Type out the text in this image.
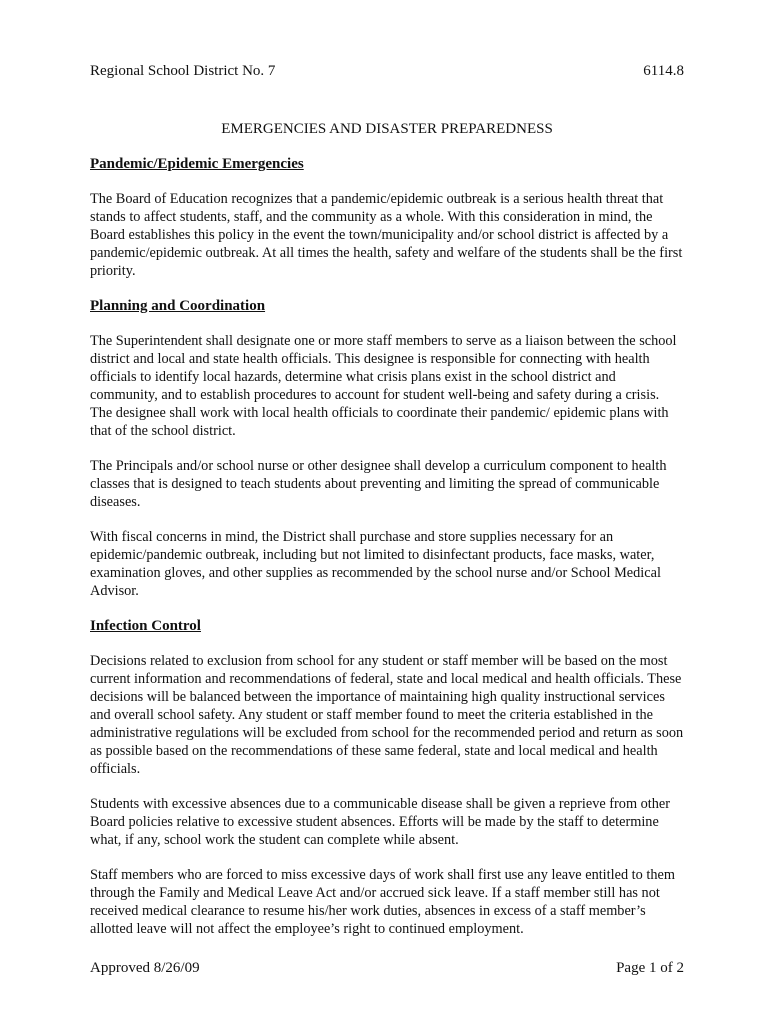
Regional School District No. 7	6114.8
EMERGENCIES AND DISASTER PREPAREDNESS
Pandemic/Epidemic Emergencies

The Board of Education recognizes that a pandemic/epidemic outbreak is a serious health threat that stands to affect students, staff, and the community as a whole. With this consideration in mind, the Board establishes this policy in the event the town/municipality and/or school district is affected by a pandemic/epidemic outbreak. At all times the health, safety and welfare of the students shall be the first priority.

Planning and Coordination

The Superintendent shall designate one or more staff members to serve as a liaison between the school district and local and state health officials. This designee is responsible for connecting with health officials to identify local hazards, determine what crisis plans exist in the school district and community, and to establish procedures to account for student well-being and safety during a crisis. The designee shall work with local health officials to coordinate their pandemic/ epidemic plans with that of the school district.

The Principals and/or school nurse or other designee shall develop a curriculum component to health classes that is designed to teach students about preventing and limiting the spread of communicable diseases.

With fiscal concerns in mind, the District shall purchase and store supplies necessary for an epidemic/pandemic outbreak, including but not limited to disinfectant products, face masks, water, examination gloves, and other supplies as recommended by the school nurse and/or School Medical Advisor.

Infection Control

Decisions related to exclusion from school for any student or staff member will be based on the most current information and recommendations of federal, state and local medical and health officials. These decisions will be balanced between the importance of maintaining high quality instructional services and overall school safety. Any student or staff member found to meet the criteria established in the administrative regulations will be excluded from school for the recommended period and return as soon as possible based on the recommendations of these same federal, state and local medical and health officials.

Students with excessive absences due to a communicable disease shall be given a reprieve from other Board policies relative to excessive student absences. Efforts will be made by the staff to determine what, if any, school work the student can complete while absent.

Staff members who are forced to miss excessive days of work shall first use any leave entitled to them through the Family and Medical Leave Act and/or accrued sick leave. If a staff member still has not received medical clearance to resume his/her work duties, absences in excess of a staff member’s allotted leave will not affect the employee’s right to continued employment.

Approved 8/26/09	Page 1 of 2
